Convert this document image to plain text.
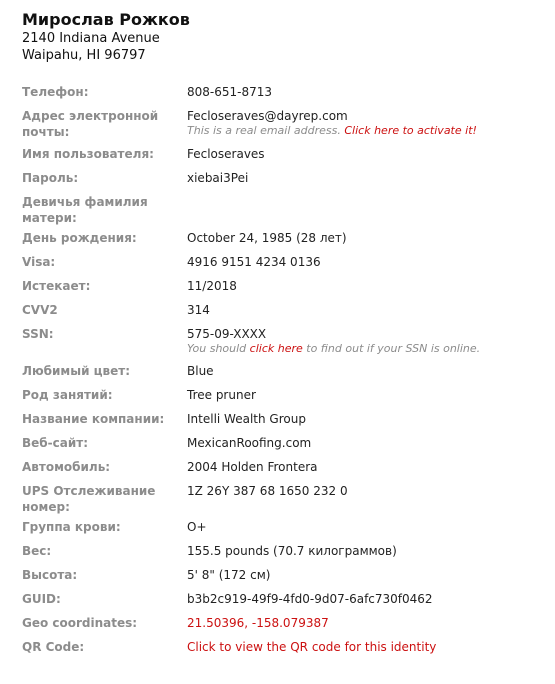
Мирослав Рожков
2140 Indiana Avenue
Waipahu, HI 96797
Телефон:	808-651-8713
Адрес электронной почты:
Fecloseraves@dayrep.com
This is a real email address. Click here to activate it!
Имя пользователя:	Fecloseraves
Пароль:	xiebai3Pei
Девичья фамилия матери:
День рождения:	October 24, 1985 (28 лет)
Visa:	4916 9151 4234 0136
Истекает:	11/2018
CVV2	314
SSN:	575-09-XXXX
You should click here to find out if your SSN is online.
Любимый цвет:	Blue
Род занятий:	Tree pruner
Название компании:	Intelli Wealth Group
Веб-сайт:	MexicanRoofing.com
Автомобиль:	2004 Holden Frontera
UPS Отслеживание номер:
1Z 26Y 387 68 1650 232 0
Группа крови:	O+
Вес:	155.5 pounds (70.7 килограммов)
Высота:	5' 8" (172 см)
GUID:	b3b2c919-49f9-4fd0-9d07-6afc730f0462
Geo coordinates:	21.50396, -158.079387
QR Code:	Click to view the QR code for this identity
